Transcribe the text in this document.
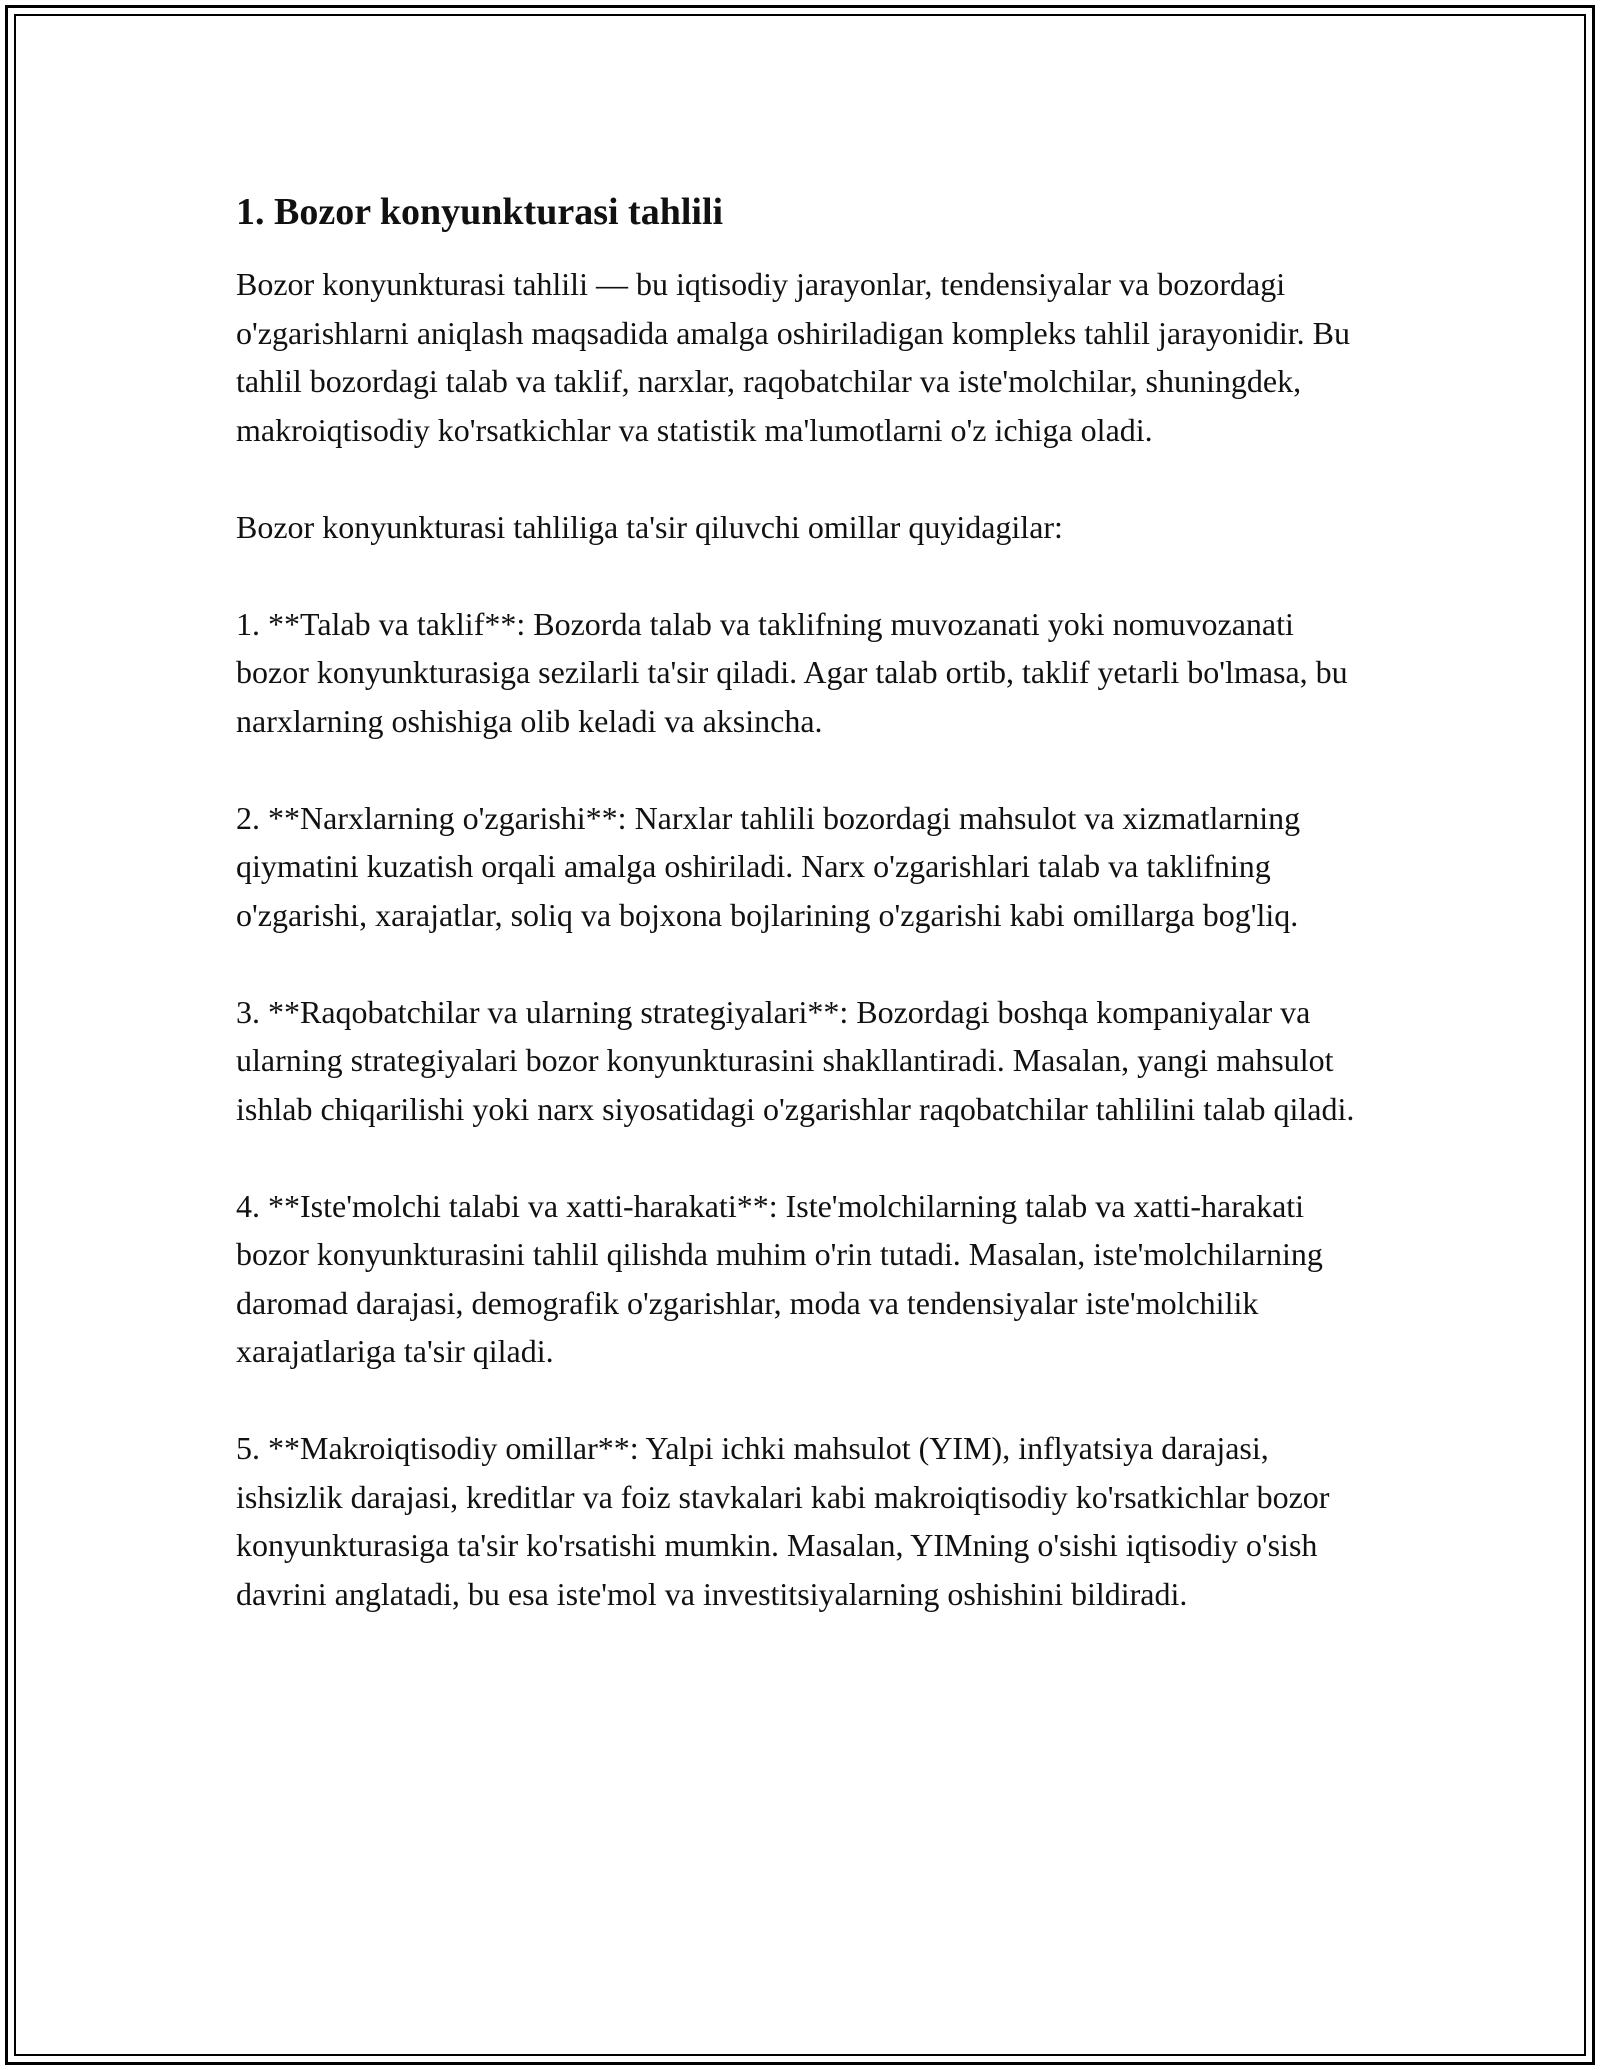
1. Bozor konyunkturasi tahlili

Bozor konyunkturasi tahlili — bu iqtisodiy jarayonlar, tendensiyalar va bozordagi o'zgarishlarni aniqlash maqsadida amalga oshiriladigan kompleks tahlil jarayonidir. Bu tahlil bozordagi talab va taklif, narxlar, raqobatchilar va iste'molchilar, shuningdek, makroiqtisodiy ko'rsatkichlar va statistik ma'lumotlarni o'z ichiga oladi.

Bozor konyunkturasi tahliliga ta'sir qiluvchi omillar quyidagilar:

1. **Talab va taklif**: Bozorda talab va taklifning muvozanati yoki nomuvozanati bozor konyunkturasiga sezilarli ta'sir qiladi. Agar talab ortib, taklif yetarli bo'lmasa, bu narxlarning oshishiga olib keladi va aksincha.

2. **Narxlarning o'zgarishi**: Narxlar tahlili bozordagi mahsulot va xizmatlarning qiymatini kuzatish orqali amalga oshiriladi. Narx o'zgarishlari talab va taklifning o'zgarishi, xarajatlar, soliq va bojxona bojlarining o'zgarishi kabi omillarga bog'liq.

3. **Raqobatchilar va ularning strategiyalari**: Bozordagi boshqa kompaniyalar va ularning strategiyalari bozor konyunkturasini shakllantiradi. Masalan, yangi mahsulot ishlab chiqarilishi yoki narx siyosatidagi o'zgarishlar raqobatchilar tahlilini talab qiladi.

4. **Iste'molchi talabi va xatti-harakati**: Iste'molchilarning talab va xatti-harakati bozor konyunkturasini tahlil qilishda muhim o'rin tutadi. Masalan, iste'molchilarning daromad darajasi, demografik o'zgarishlar, moda va tendensiyalar iste'molchilik xarajatlariga ta'sir qiladi.

5. **Makroiqtisodiy omillar**: Yalpi ichki mahsulot (YIM), inflyatsiya darajasi, ishsizlik darajasi, kreditlar va foiz stavkalari kabi makroiqtisodiy ko'rsatkichlar bozor konyunkturasiga ta'sir ko'rsatishi mumkin. Masalan, YIMning o'sishi iqtisodiy o'sish davrini anglatadi, bu esa iste'mol va investitsiyalarning oshishini bildiradi.
